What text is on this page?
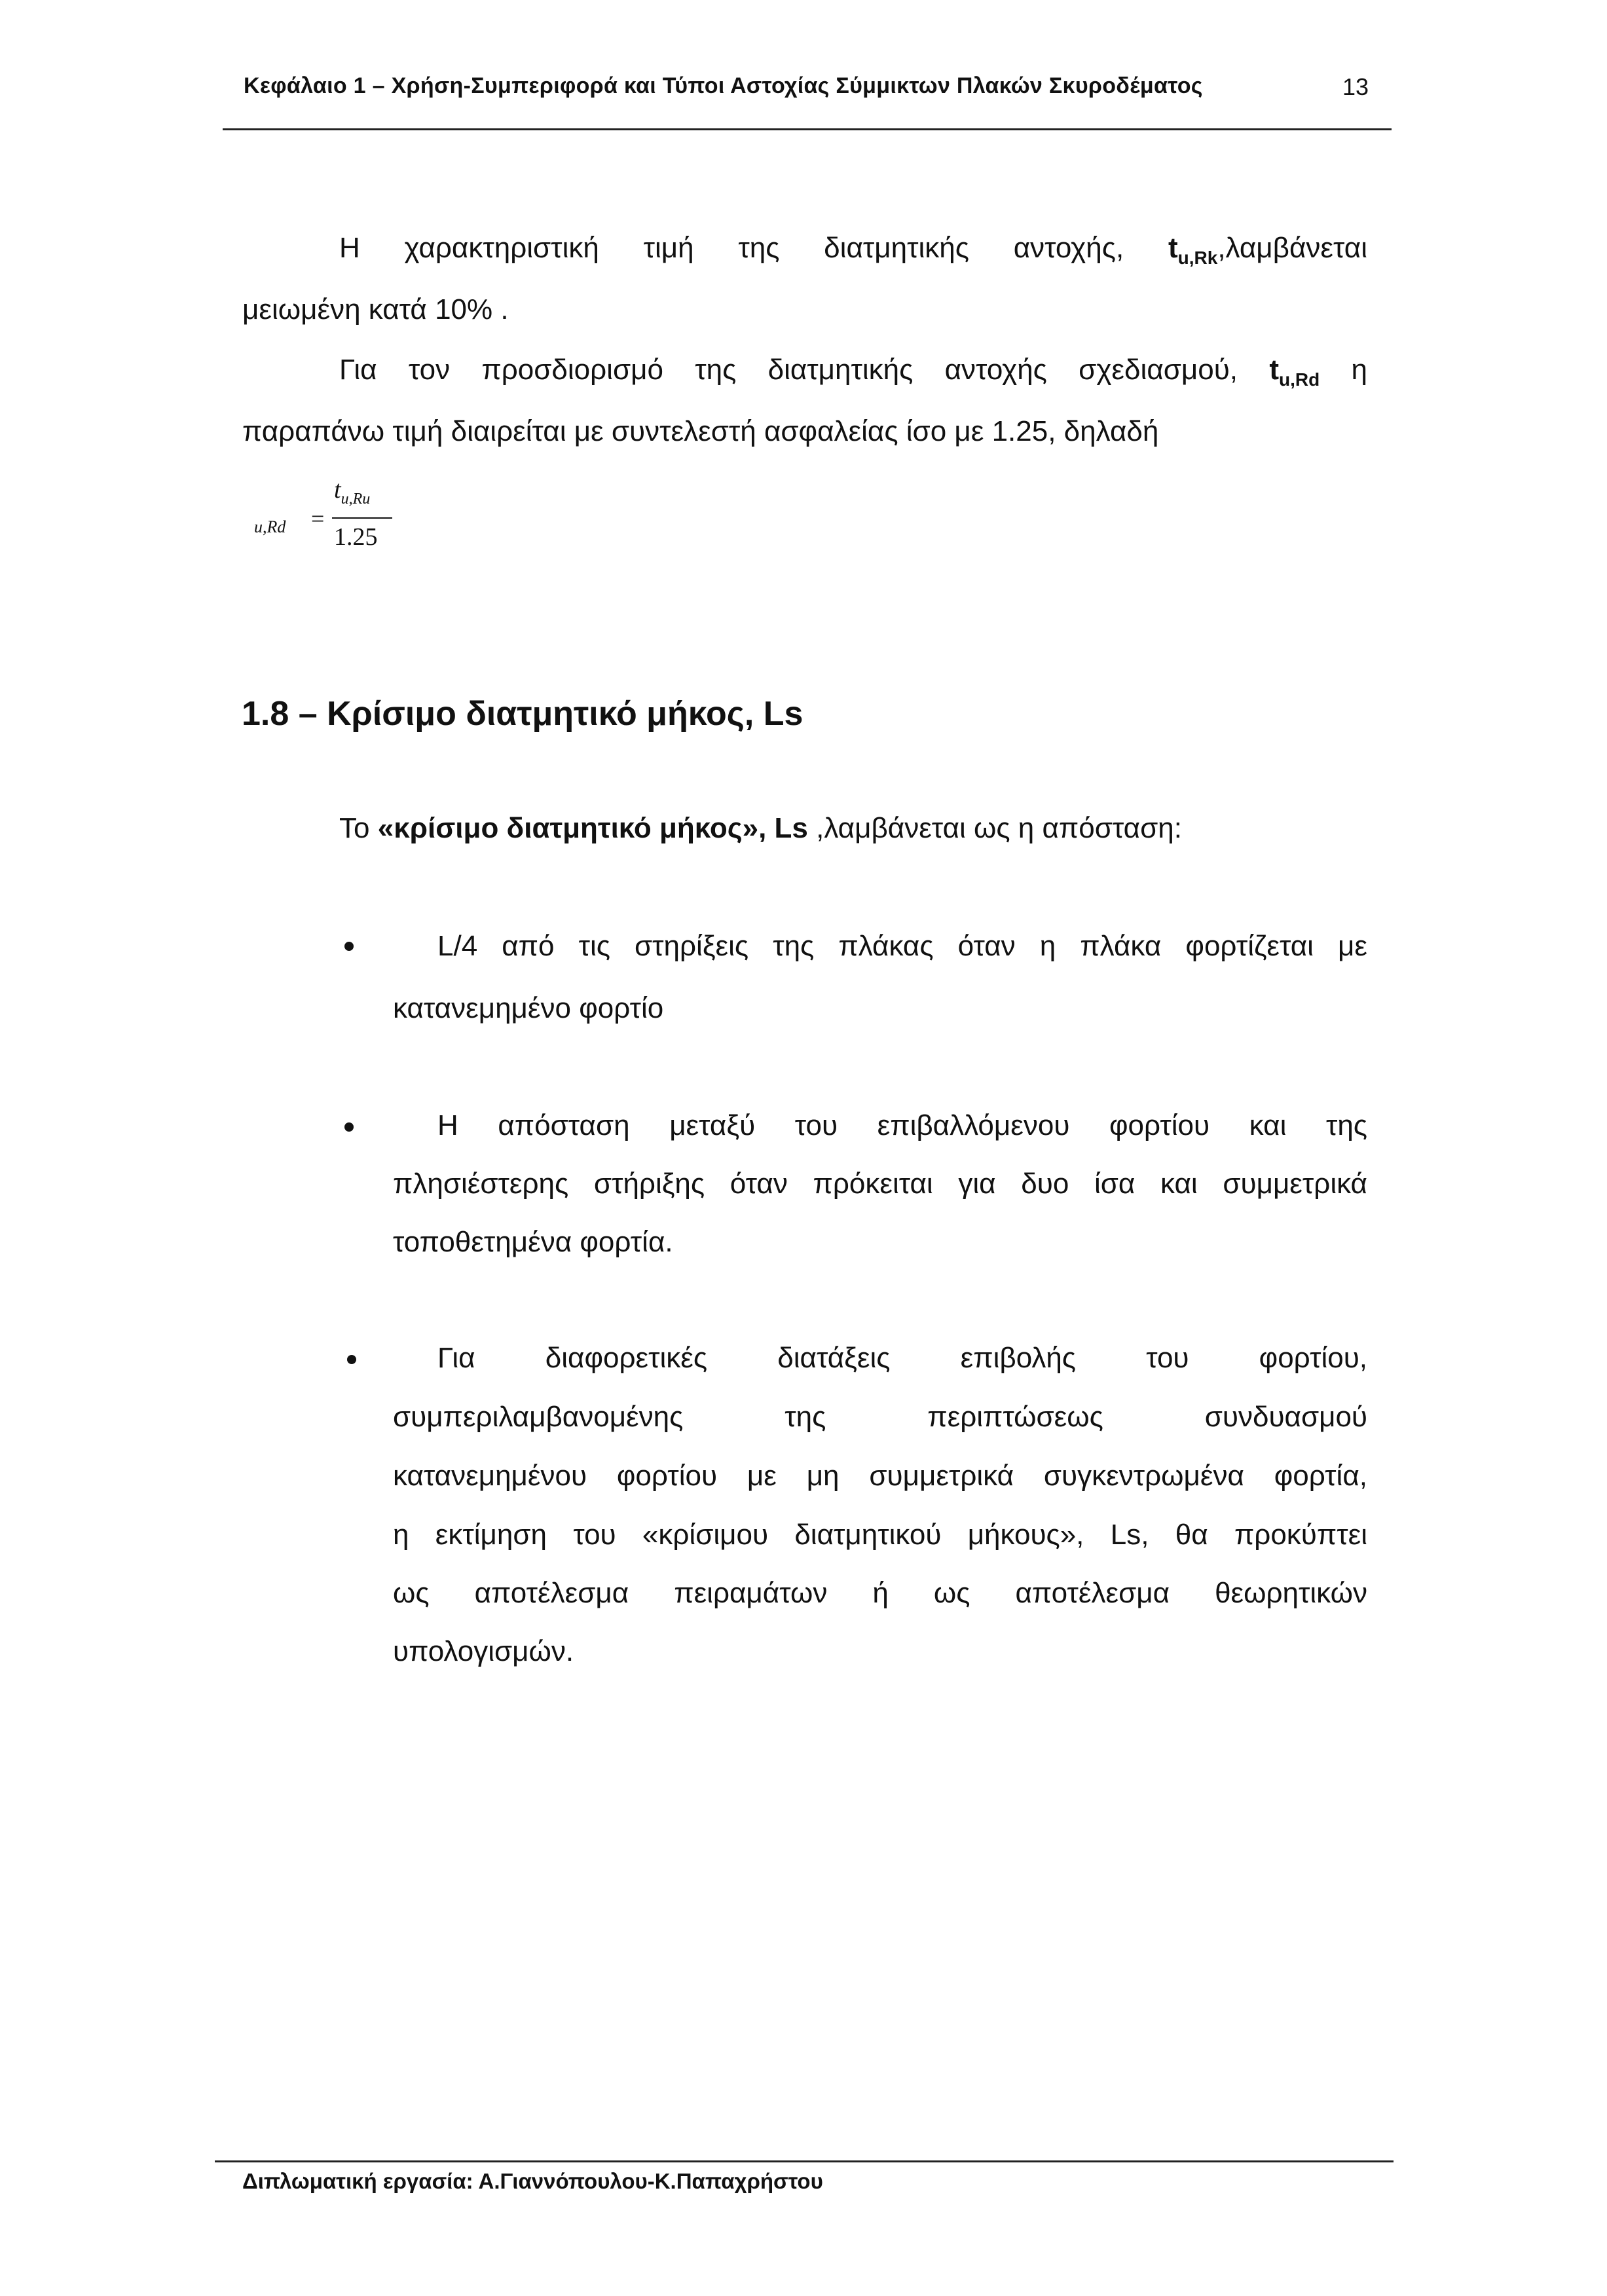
Κεφάλαιο 1 – Χρήση-Συμπεριφορά και Τύποι Αστοχίας Σύμμικτων Πλακών Σκυροδέματος	13
Η χαρακτηριστική τιμή της διατμητικής αντοχής, $t_{u,Rk},\lambda\alpha\mu\beta ά\nu\varepsilon\tau\alpha\iota$
μειωμένη κατά 10% .
Για τον προσδιορισμό της διατμητικής αντοχής σχεδιασμού, $t_{u,Rd}$ η
παραπάνω τιμή διαιρείται με συντελεστή ασφαλείας ίσο με 1.25, δηλαδή
u,Rd =
$t_{u,Ru}$
1.25
1.8 – Κρίσιμο διατμητικό μήκος, Ls
Το «κρίσιμο διατμητικό μήκος», Ls ,λαμβάνεται ως η απόσταση:
L/4 από τις στηρίξεις της πλάκας όταν η πλάκα φορτίζεται με
κατανεμημένο φορτίο
Η απόσταση μεταξύ του επιβαλλόμενου φορτίου και της
πλησιέστερης στήριξης όταν πρόκειται για δυο ίσα και συμμετρικά
τοποθετημένα φορτία.
Για διαφορετικές διατάξεις επιβολής του φορτίου,
συμπεριλαμβανομένης της περιπτώσεως συνδυασμού
κατανεμημένου φορτίου με μη συμμετρικά συγκεντρωμένα φορτία,
η εκτίμηση του «κρίσιμου διατμητικού μήκους», Ls, θα προκύπτει
ως αποτέλεσμα πειραμάτων ή ως αποτέλεσμα θεωρητικών
υπολογισμών.
Διπλωματική εργασία: Α.Γιαννόπουλου-Κ.Παπαχρήστου
